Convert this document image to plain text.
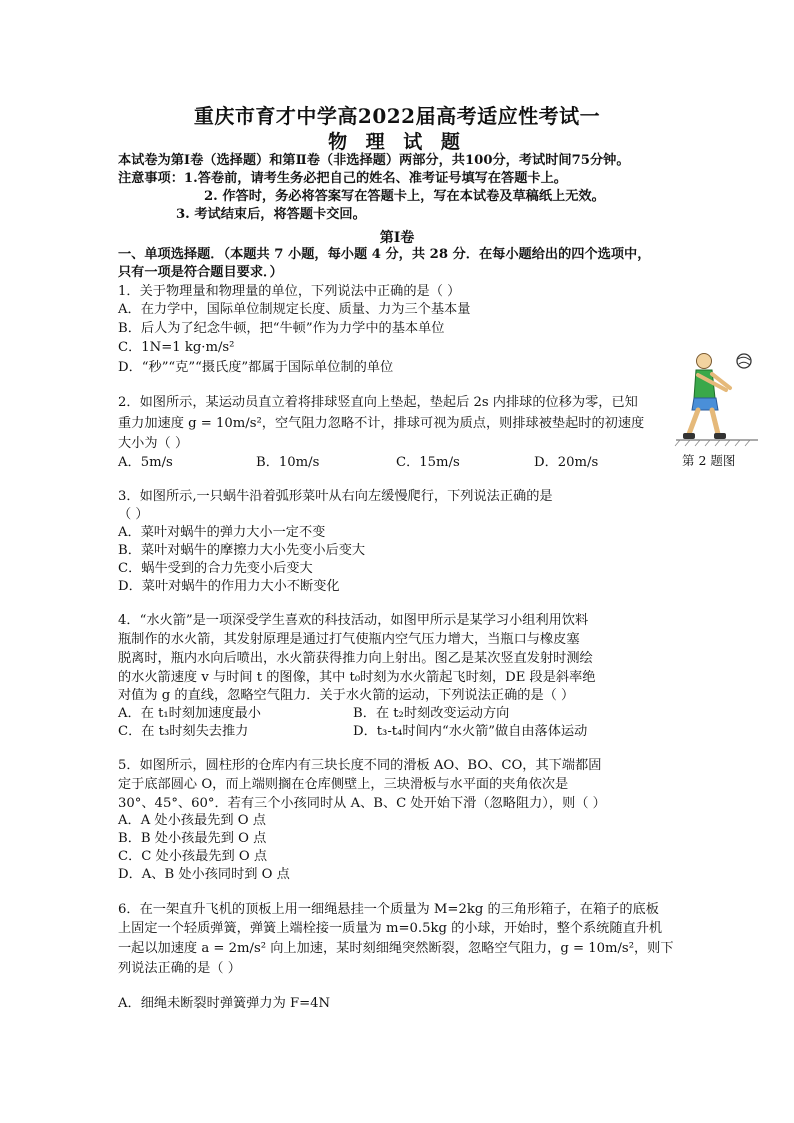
重庆市育才中学高2022届高考适应性考试一
物 理 试 题
本试卷为第Ⅰ卷（选择题）和第Ⅱ卷（非选择题）两部分，共100分，考试时间75分钟。
注意事项：1.答卷前，请考生务必把自己的姓名、准考证号填写在答题卡上。
2. 作答时，务必将答案写在答题卡上，写在本试卷及草稿纸上无效。
3. 考试结束后，将答题卡交回。
第Ⅰ卷
一、单项选择题．（本题共 7 小题，每小题 4 分，共 28 分．在每小题给出的四个选项中，
只有一项是符合题目要求．）
1．关于物理量和物理量的单位，下列说法中正确的是（ ）
A．在力学中，国际单位制规定长度、质量、力为三个基本量
B．后人为了纪念牛顿，把“牛顿”作为力学中的基本单位
C．1N=1 kg·m/s²
D．“秒”“克”“摄氏度”都属于国际单位制的单位
2．如图所示，某运动员直立着将排球竖直向上垫起，垫起后 2s 内排球的位移为零，已知
重力加速度 g = 10m/s²，空气阻力忽略不计，排球可视为质点，则排球被垫起时的初速度
大小为（ ）
A．5m/s	B．10m/s	C．15m/s	D．20m/s	第 2 题图
3．如图所示,一只蜗牛沿着弧形菜叶从右向左缓慢爬行，下列说法正确的是
（ ）
A．菜叶对蜗牛的弹力大小一定不变
B．菜叶对蜗牛的摩擦力大小先变小后变大
C．蜗牛受到的合力先变小后变大
D．菜叶对蜗牛的作用力大小不断变化
4．“水火箭”是一项深受学生喜欢的科技活动，如图甲所示是某学习小组利用饮料
瓶制作的水火箭，其发射原理是通过打气使瓶内空气压力增大，当瓶口与橡皮塞
脱离时，瓶内水向后喷出，水火箭获得推力向上射出。图乙是某次竖直发射时测绘
的水火箭速度 v 与时间 t 的图像，其中 t₀时刻为水火箭起飞时刻，DE 段是斜率绝
对值为 g 的直线，忽略空气阻力．关于水火箭的运动，下列说法正确的是（ ）
A．在 t₁时刻加速度最小	B．在 t₂时刻改变运动方向
C．在 t₃时刻失去推力	D．t₃-t₄时间内“水火箭”做自由落体运动
5．如图所示，圆柱形的仓库内有三块长度不同的滑板 AO、BO、CO，其下端都固
定于底部圆心 O，而上端则搁在仓库侧壁上，三块滑板与水平面的夹角依次是
30°、45°、60°．若有三个小孩同时从 A、B、C 处开始下滑（忽略阻力），则（ ）
A．A 处小孩最先到 O 点
B．B 处小孩最先到 O 点
C．C 处小孩最先到 O 点
D．A、B 处小孩同时到 O 点
6．在一架直升飞机的顶板上用一细绳悬挂一个质量为 M=2kg 的三角形箱子，在箱子的底板
上固定一个轻质弹簧，弹簧上端栓接一质量为 m=0.5kg 的小球，开始时，整个系统随直升机
一起以加速度 a = 2m/s² 向上加速，某时刻细绳突然断裂，忽略空气阻力，g = 10m/s²，则下
列说法正确的是（ ）
A．细绳未断裂时弹簧弹力为 F=4N
